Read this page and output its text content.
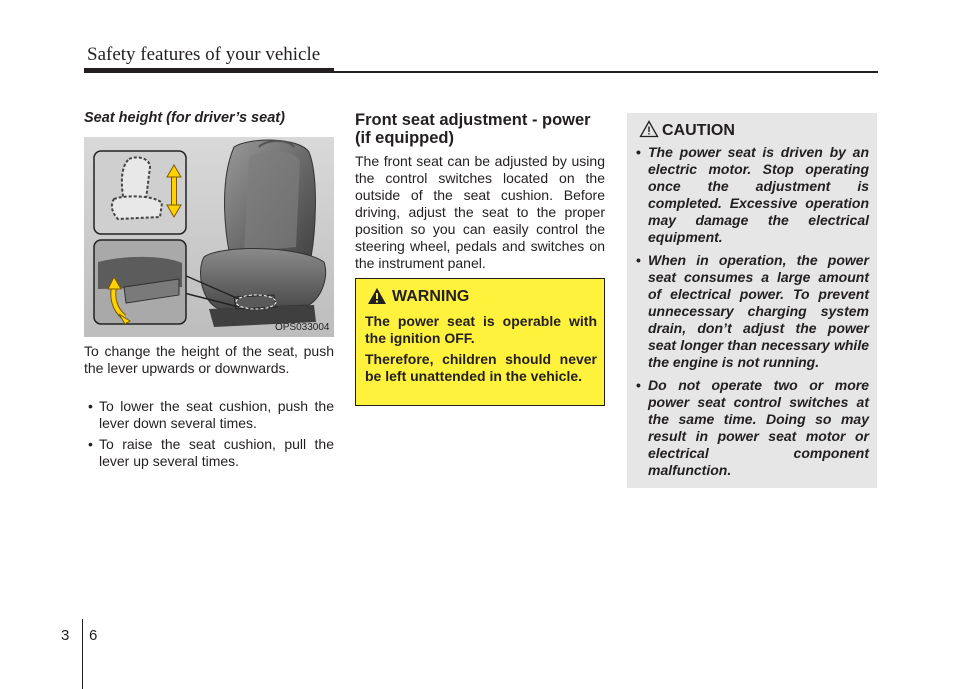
Safety features of your vehicle
Seat height (for driver’s seat)
OPS033004
To change the height of the seat, push the lever upwards or downwards.
• To lower the seat cushion, push the lever down several times.
• To raise the seat cushion, pull the lever up several times.
Front seat adjustment - power (if equipped)
The front seat can be adjusted by using the control switches located on the outside of the seat cushion. Before driving, adjust the seat to the proper position so you can easily control the steering wheel, pedals and switches on the instrument panel.
WARNING

The power seat is operable with the ignition OFF.

Therefore, children should never be left unattended in the vehicle.

CAUTION
• The power seat is driven by an electric motor. Stop operating once the adjustment is completed. Excessive operation may damage the electrical equipment.
• When in operation, the power seat consumes a large amount of electrical power. To prevent unnecessary charging system drain, don’t adjust the power seat longer than necessary while the engine is not running.
• Do not operate two or more power seat control switches at the same time. Doing so may result in power seat motor or electrical component malfunction.
3 6
